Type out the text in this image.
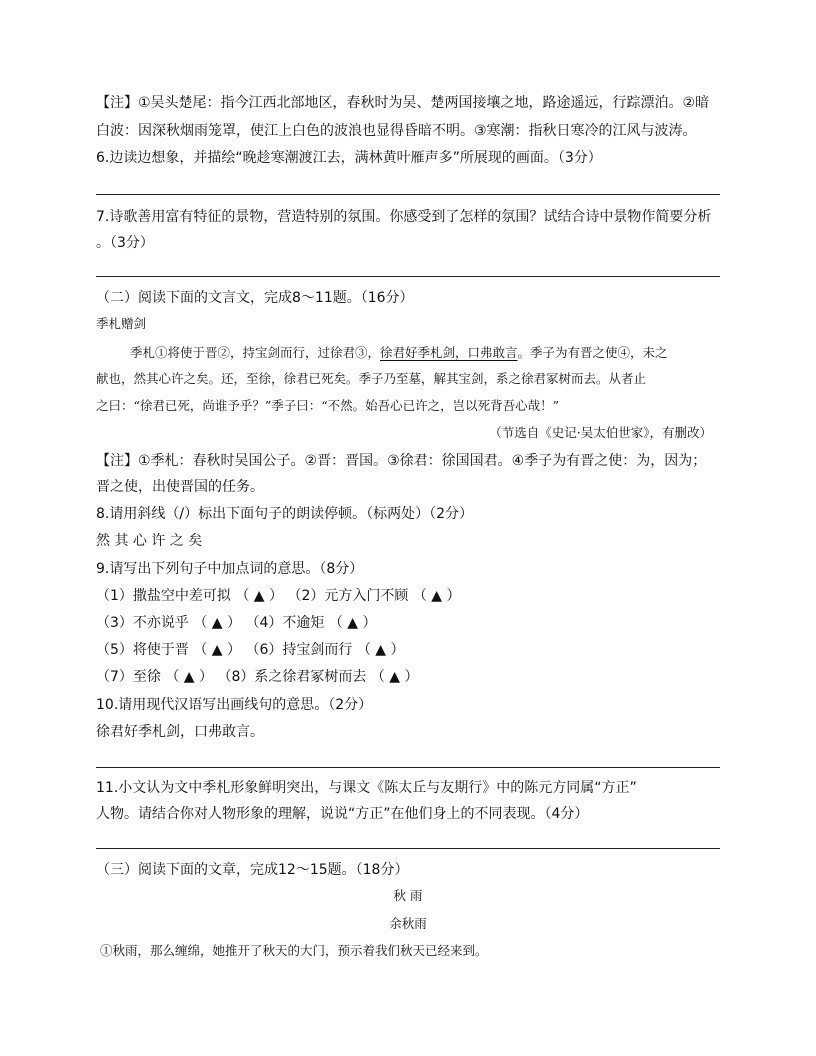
【注】①吴头楚尾：指今江西北部地区，春秋时为吴、楚两国接壤之地，路途遥远，行踪漂泊。②暗
白波：因深秋烟雨笼罩，使江上白色的波浪也显得昏暗不明。③寒潮：指秋日寒冷的江风与波涛。
6.边读边想象，并描绘“晚趁寒潮渡江去，满林黄叶雁声多”所展现的画面。（3分）
7.诗歌善用富有特征的景物，营造特别的氛围。你感受到了怎样的氛围？试结合诗中景物作简要分析
。（3分）
（二）阅读下面的文言文，完成8～11题。（16分）
季札赠剑
季札①将使于晋②，持宝剑而行，过徐君③，徐君好季札剑，口弗敢言。季子为有晋之使④，未之
献也，然其心许之矣。还，至徐，徐君已死矣。季子乃至墓，解其宝剑，系之徐君冢树而去。从者止
之曰：“徐君已死，尚谁予乎？”季子曰：“不然。始吾心已许之，岂以死背吾心哉！”
（节选自《史记·吴太伯世家》，有删改）
【注】①季札：春秋时吴国公子。②晋：晋国。③徐君：徐国国君。④季子为有晋之使：为，因为；
晋之使，出使晋国的任务。
8.请用斜线（/）标出下面句子的朗读停顿。（标两处）（2分）
然 其 心 许 之 矣
9.请写出下列句子中加点词的意思。（8分）
（1）撒盐空中差可拟 （ ▲ ） （2）元方入门不顾 （ ▲ ）
（3）不亦说乎 （ ▲ ） （4）不逾矩 （ ▲ ）
（5）将使于晋 （ ▲ ） （6）持宝剑而行 （ ▲ ）
（7）至徐 （ ▲ ） （8）系之徐君冢树而去 （ ▲ ）
10.请用现代汉语写出画线句的意思。（2分）
徐君好季札剑，口弗敢言。
11.小文认为文中季札形象鲜明突出，与课文《陈太丘与友期行》中的陈元方同属“方正”
人物。请结合你对人物形象的理解，说说“方正”在他们身上的不同表现。（4分）
（三）阅读下面的文章，完成12～15题。（18分）
秋 雨
余秋雨
①秋雨，那么缠绵，她推开了秋天的大门，预示着我们秋天已经来到。
